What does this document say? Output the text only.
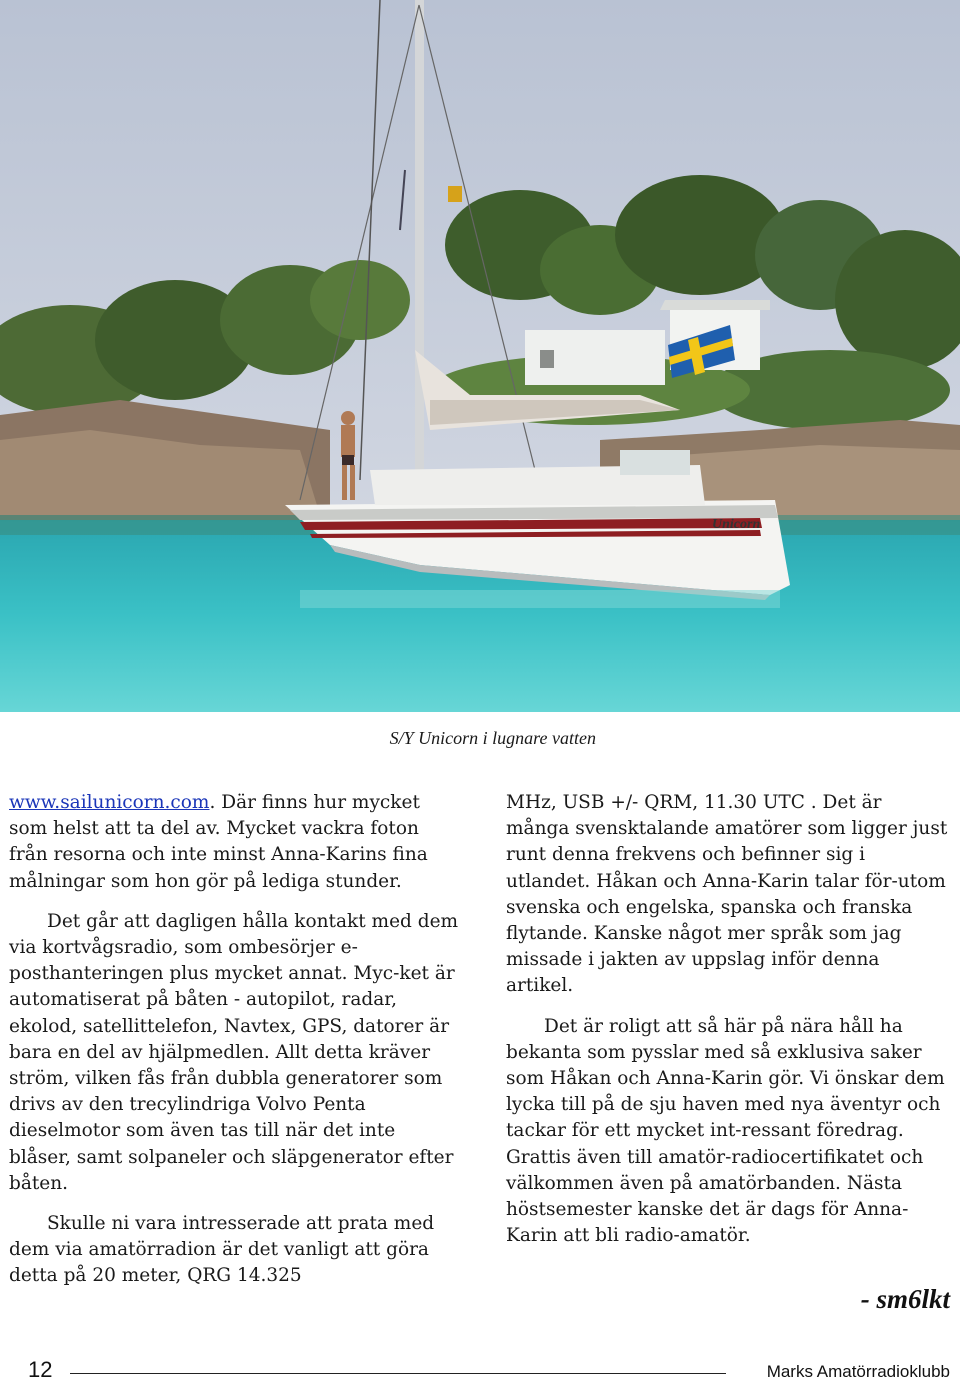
Unicorn
S/Y Unicorn i lugnare vatten

www.sailunicorn.com. Där finns hur mycket som helst att ta del av. Mycket vackra foton från resorna och inte minst Anna-Karins fina målningar som hon gör på lediga stunder.

Det går att dagligen hålla kontakt med dem via kortvågsradio, som ombesörjer e-posthanteringen plus mycket annat. Myc-ket är automatiserat på båten - autopilot, radar, ekolod, satellittelefon, Navtex, GPS, datorer är bara en del av hjälpmedlen. Allt detta kräver ström, vilken fås från dubbla generatorer som drivs av den trecylindriga Volvo Penta dieselmotor som även tas till när det inte blåser, samt solpaneler och släpgenerator efter båten.

Skulle ni vara intresserade att prata med dem via amatörradion är det vanligt att göra detta på 20 meter, QRG 14.325

MHz, USB +/- QRM, 11.30 UTC . Det är många svensktalande amatörer som ligger just runt denna frekvens och befinner sig i utlandet. Håkan och Anna-Karin talar för-utom svenska och engelska, spanska och franska flytande. Kanske något mer språk som jag missade i jakten av uppslag inför denna artikel.

Det är roligt att så här på nära håll ha bekanta som pysslar med så exklusiva saker som Håkan och Anna-Karin gör. Vi önskar dem lycka till på de sju haven med nya äventyr och tackar för ett mycket int-ressant föredrag. Grattis även till amatör-radiocertifikatet och välkommen även på amatörbanden. Nästa höstsemester kanske det är dags för Anna-Karin att bli radio-amatör.

- sm6lkt
12	Marks Amatörradioklubb
